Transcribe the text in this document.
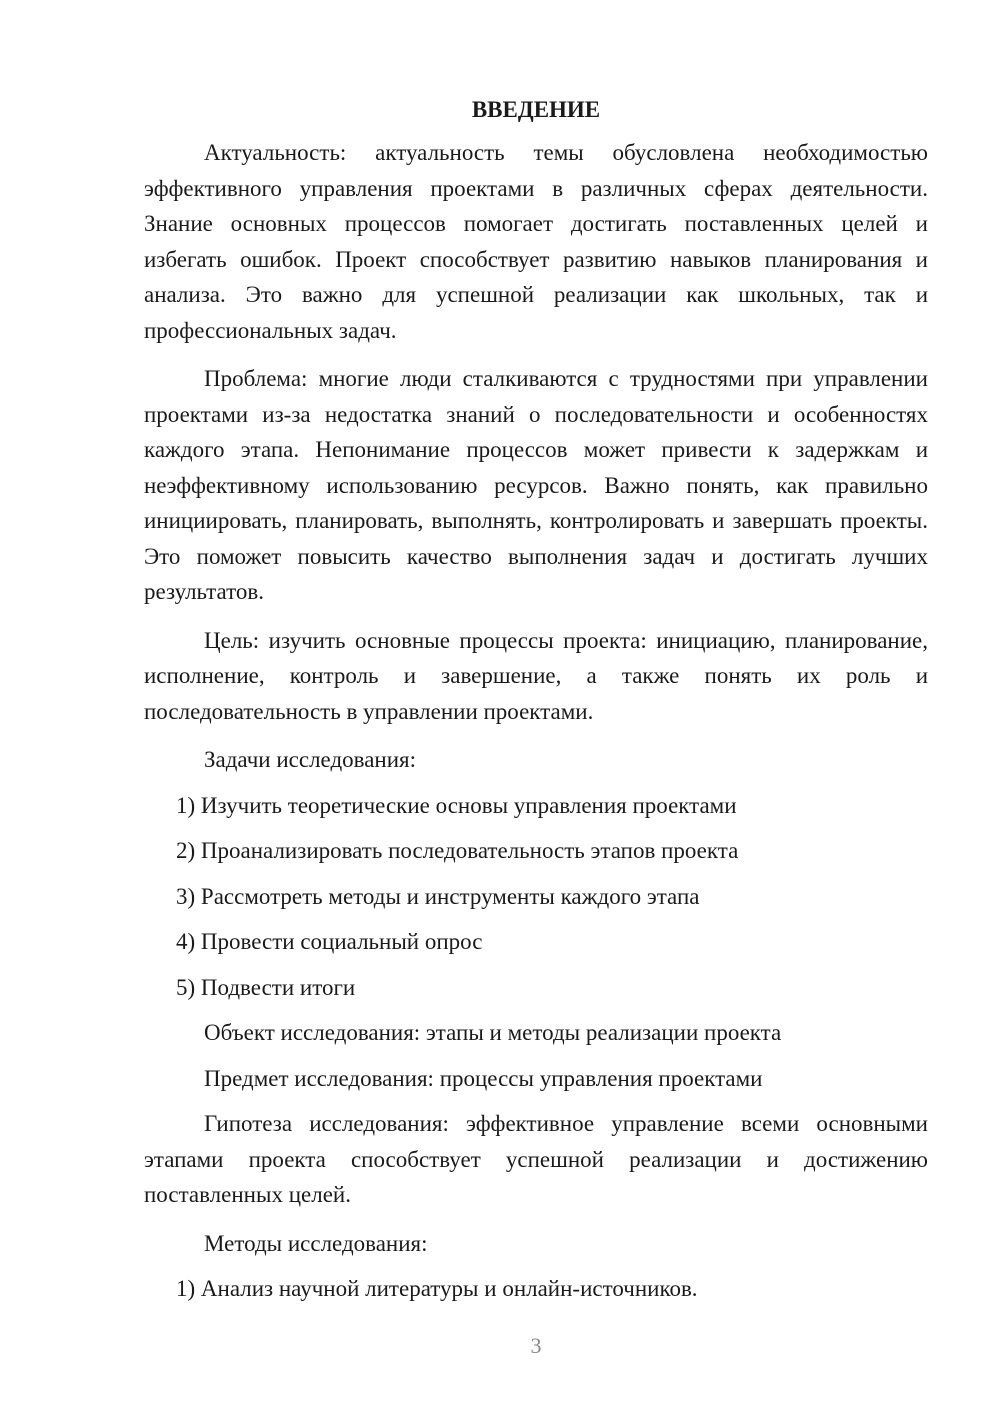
ВВЕДЕНИЕ

Актуальность: актуальность темы обусловлена необходимостью эффективного управления проектами в различных сферах деятельности. Знание основных процессов помогает достигать поставленных целей и избегать ошибок. Проект способствует развитию навыков планирования и анализа. Это важно для успешной реализации как школьных, так и профессиональных задач.

Проблема: многие люди сталкиваются с трудностями при управлении проектами из-за недостатка знаний о последовательности и особенностях каждого этапа. Непонимание процессов может привести к задержкам и неэффективному использованию ресурсов. Важно понять, как правильно инициировать, планировать, выполнять, контролировать и завершать проекты. Это поможет повысить качество выполнения задач и достигать лучших результатов.

Цель: изучить основные процессы проекта: инициацию, планирование, исполнение, контроль и завершение, а также понять их роль и последовательность в управлении проектами.

Задачи исследования:
1) Изучить теоретические основы управления проектами
2) Проанализировать последовательность этапов проекта
3) Рассмотреть методы и инструменты каждого этапа
4) Провести социальный опрос
5) Подвести итоги
Объект исследования: этапы и методы реализации проекта
Предмет исследования: процессы управления проектами

Гипотеза исследования: эффективное управление всеми основными этапами проекта способствует успешной реализации и достижению поставленных целей.

Методы исследования:
1) Анализ научной литературы и онлайн-источников.
3
